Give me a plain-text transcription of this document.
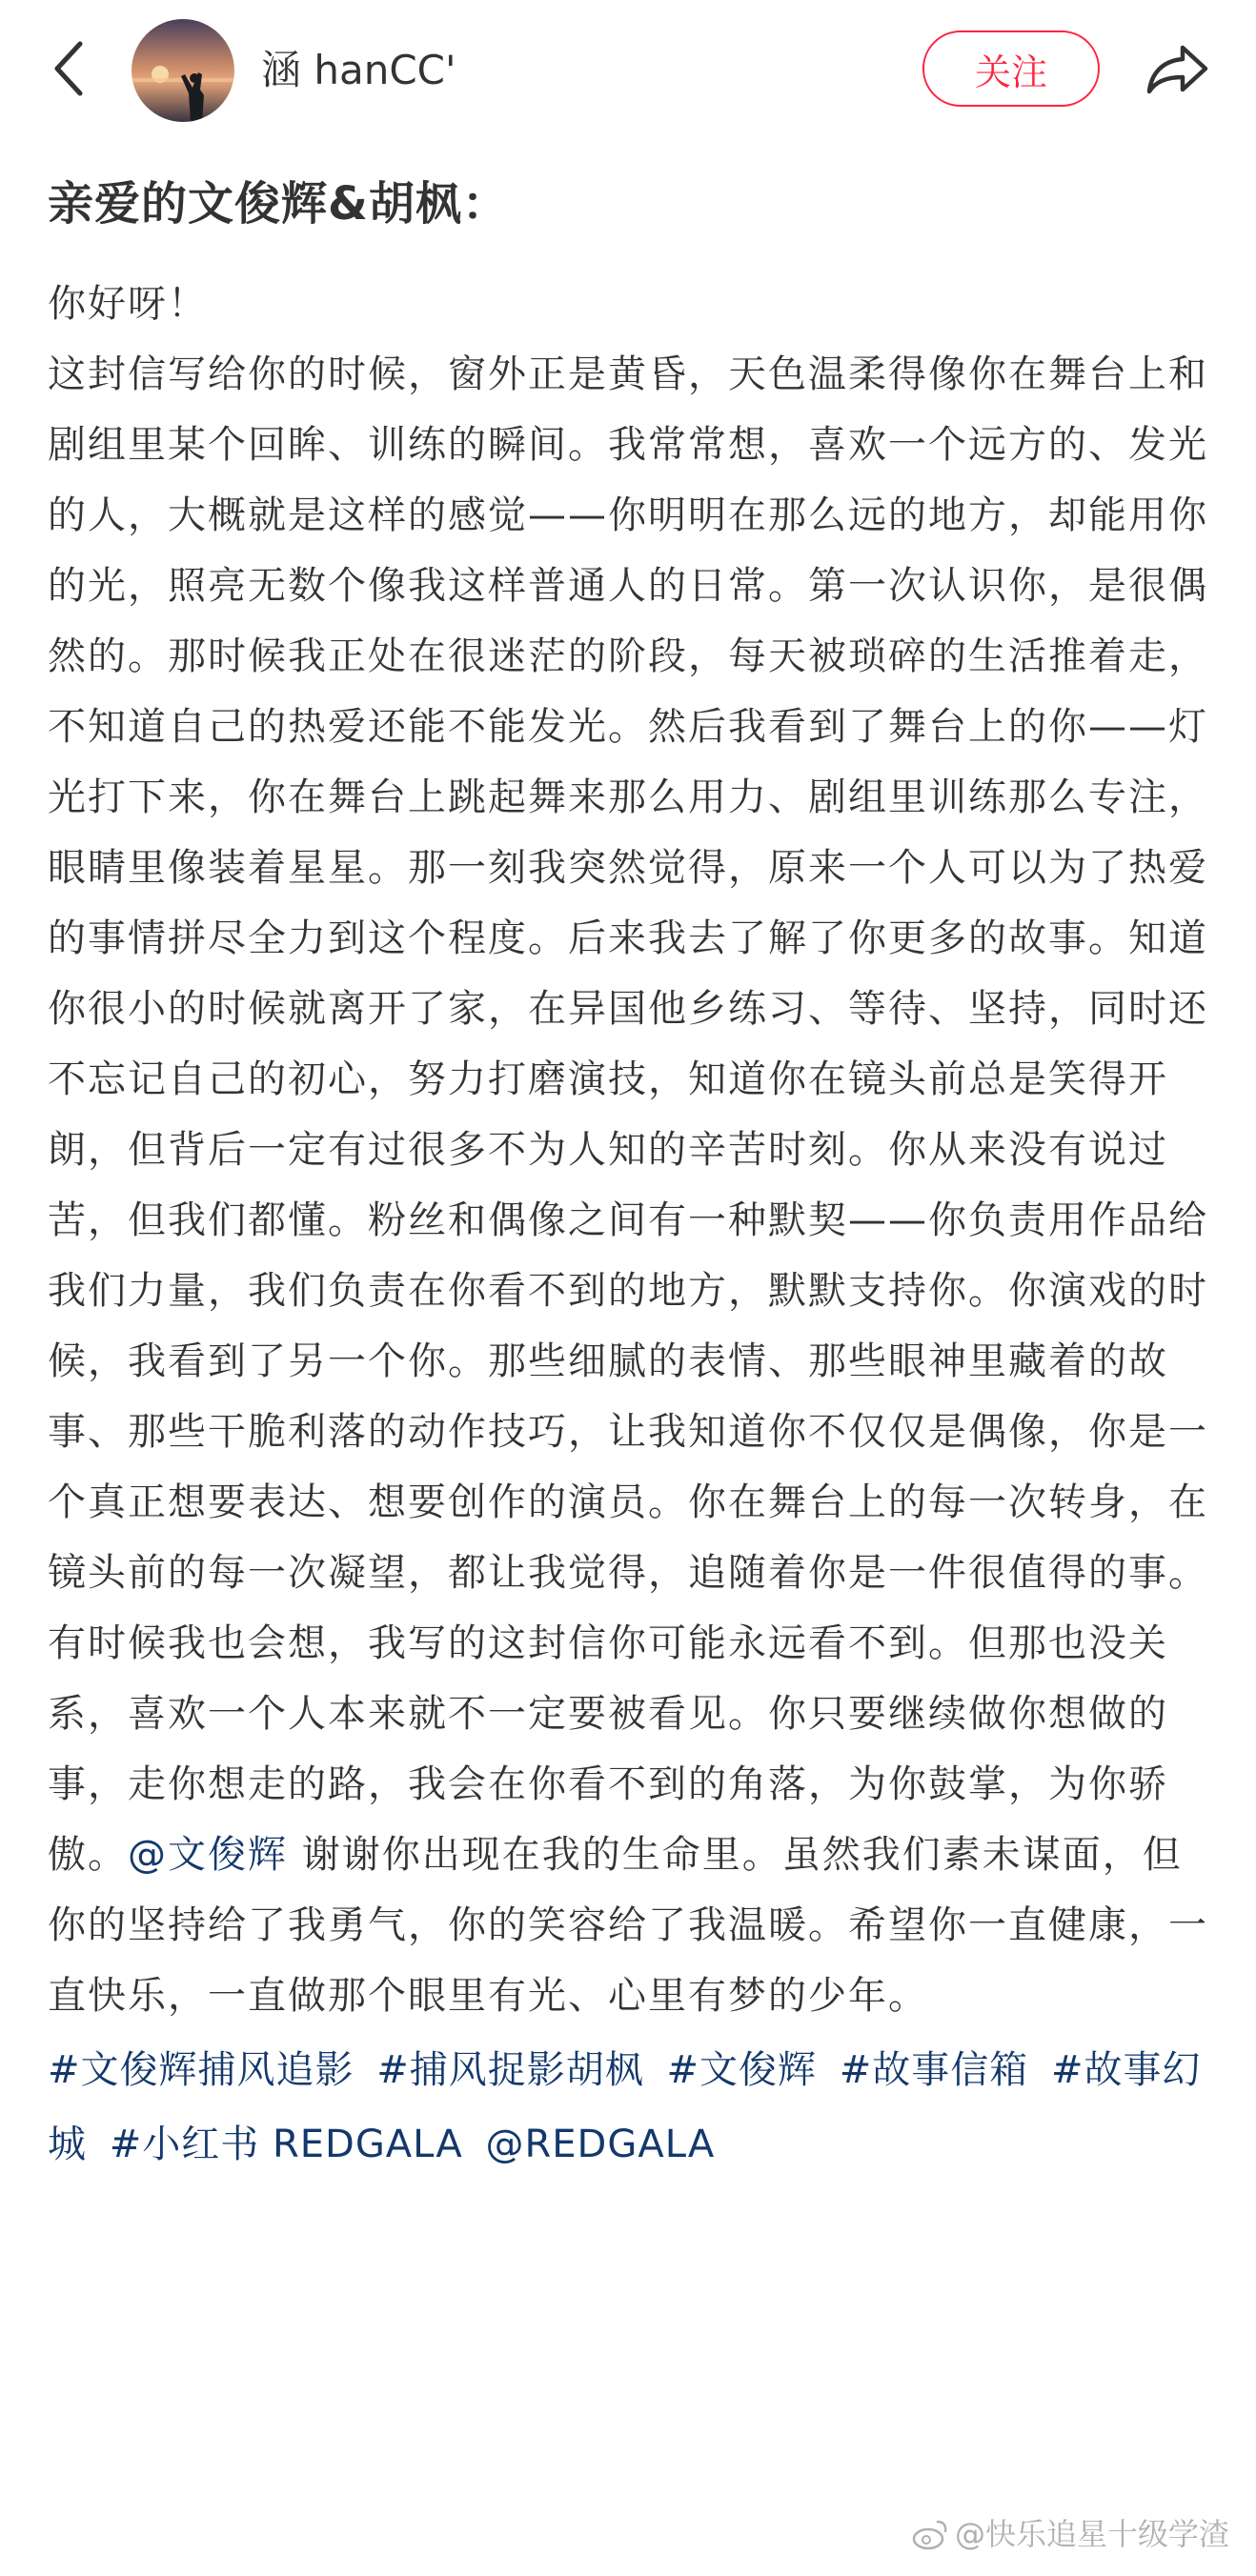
涵 hanCC'	关注
亲爱的文俊辉&胡枫：
你好呀！
这封信写给你的时候，窗外正是黄昏，天色温柔得像你在舞台上和剧组里某个回眸、训练的瞬间。我常常想，喜欢一个远方的、发光的人，大概就是这样的感觉——你明明在那么远的地方，却能用你的光，照亮无数个像我这样普通人的日常。第一次认识你，是很偶然的。那时候我正处在很迷茫的阶段，每天被琐碎的生活推着走，不知道自己的热爱还能不能发光。然后我看到了舞台上的你——灯光打下来，你在舞台上跳起舞来那么用力、剧组里训练那么专注，眼睛里像装着星星。那一刻我突然觉得，原来一个人可以为了热爱的事情拼尽全力到这个程度。后来我去了解了你更多的故事。知道你很小的时候就离开了家，在异国他乡练习、等待、坚持，同时还不忘记自己的初心，努力打磨演技，知道你在镜头前总是笑得开朗，但背后一定有过很多不为人知的辛苦时刻。你从来没有说过苦，但我们都懂。粉丝和偶像之间有一种默契——你负责用作品给我们力量，我们负责在你看不到的地方，默默支持你。你演戏的时候，我看到了另一个你。那些细腻的表情、那些眼神里藏着的故事、那些干脆利落的动作技巧，让我知道你不仅仅是偶像，你是一个真正想要表达、想要创作的演员。你在舞台上的每一次转身，在镜头前的每一次凝望，都让我觉得，追随着你是一件很值得的事。有时候我也会想，我写的这封信你可能永远看不到。但那也没关系，喜欢一个人本来就不一定要被看见。你只要继续做你想做的事，走你想走的路，我会在你看不到的角落，为你鼓掌，为你骄傲。@文俊辉 谢谢你出现在我的生命里。虽然我们素未谋面，但你的坚持给了我勇气，你的笑容给了我温暖。希望你一直健康，一直快乐，一直做那个眼里有光、心里有梦的少年。
#文俊辉捕风追影 #捕风捉影胡枫 #文俊辉 #故事信箱 #故事幻城 #小红书 REDGALA @REDGALA
@快乐追星十级学渣
